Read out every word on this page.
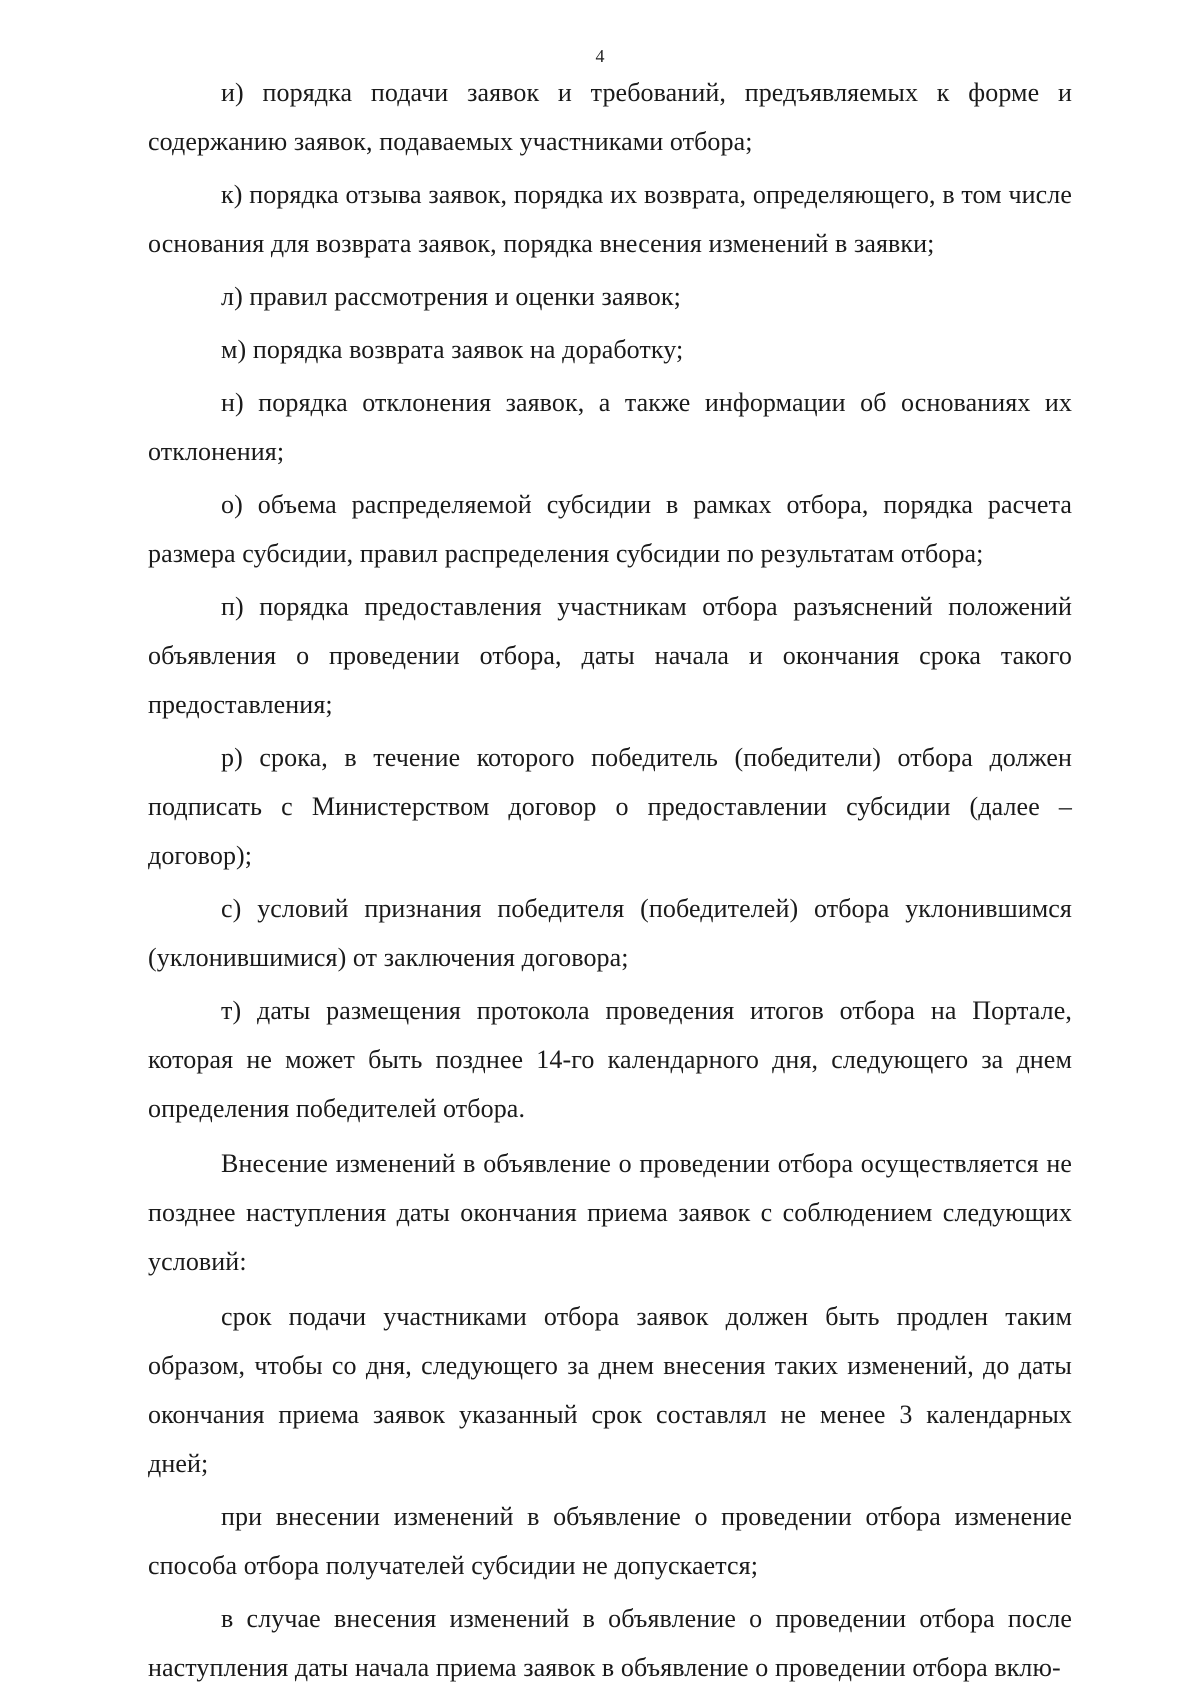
4

и) порядка подачи заявок и требований, предъявляемых к форме и содержанию заявок, подаваемых участниками отбора;

к) порядка отзыва заявок, порядка их возврата, определяющего, в том числе основания для возврата заявок, порядка внесения изменений в заявки;

л) правил рассмотрения и оценки заявок;

м) порядка возврата заявок на доработку;

н) порядка отклонения заявок, а также информации об основаниях их отклонения;

о) объема распределяемой субсидии в рамках отбора, порядка расчета размера субсидии, правил распределения субсидии по результатам отбора;

п) порядка предоставления участникам отбора разъяснений положений объявления о проведении отбора, даты начала и окончания срока такого предоставления;

р) срока, в течение которого победитель (победители) отбора должен подписать с Министерством договор о предоставлении субсидии (далее – договор);

с) условий признания победителя (победителей) отбора уклонившимся (уклонившимися) от заключения договора;

т) даты размещения протокола проведения итогов отбора на Портале, которая не может быть позднее 14-го календарного дня, следующего за днем определения победителей отбора.

Внесение изменений в объявление о проведении отбора осуществляется не позднее наступления даты окончания приема заявок с соблюдением следующих условий:

срок подачи участниками отбора заявок должен быть продлен таким образом, чтобы со дня, следующего за днем внесения таких изменений, до даты окончания приема заявок указанный срок составлял не менее 3 календарных дней;

при внесении изменений в объявление о проведении отбора изменение способа отбора получателей субсидии не допускается;

в случае внесения изменений в объявление о проведении отбора после наступления даты начала приема заявок в объявление о проведении отбора вклю-
